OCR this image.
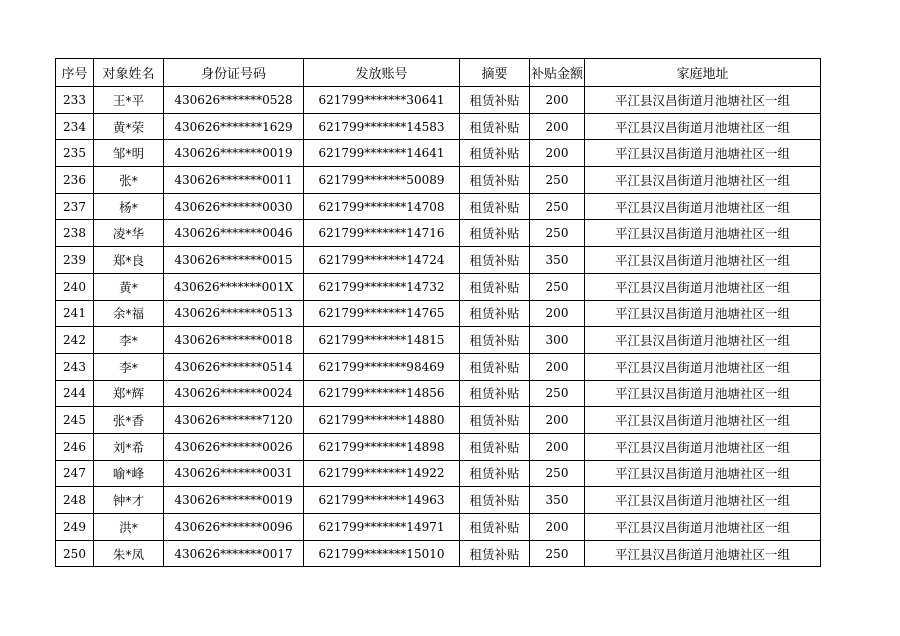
序号	对象姓名	身份证号码	发放账号	摘要	补贴金额	家庭地址
233	王*平	430626*******0528	621799*******30641	租赁补贴	200	平江县汉昌街道月池塘社区一组
234	黄*荣	430626*******1629	621799*******14583	租赁补贴	200	平江县汉昌街道月池塘社区一组
235	邹*明	430626*******0019	621799*******14641	租赁补贴	200	平江县汉昌街道月池塘社区一组
236	张*	430626*******0011	621799*******50089	租赁补贴	250	平江县汉昌街道月池塘社区一组
237	杨*	430626*******0030	621799*******14708	租赁补贴	250	平江县汉昌街道月池塘社区一组
238	凌*华	430626*******0046	621799*******14716	租赁补贴	250	平江县汉昌街道月池塘社区一组
239	郑*良	430626*******0015	621799*******14724	租赁补贴	350	平江县汉昌街道月池塘社区一组
240	黄*	430626*******001X	621799*******14732	租赁补贴	250	平江县汉昌街道月池塘社区一组
241	余*福	430626*******0513	621799*******14765	租赁补贴	200	平江县汉昌街道月池塘社区一组
242	李*	430626*******0018	621799*******14815	租赁补贴	300	平江县汉昌街道月池塘社区一组
243	李*	430626*******0514	621799*******98469	租赁补贴	200	平江县汉昌街道月池塘社区一组
244	郑*辉	430626*******0024	621799*******14856	租赁补贴	250	平江县汉昌街道月池塘社区一组
245	张*香	430626*******7120	621799*******14880	租赁补贴	200	平江县汉昌街道月池塘社区一组
246	刘*希	430626*******0026	621799*******14898	租赁补贴	200	平江县汉昌街道月池塘社区一组
247	喻*峰	430626*******0031	621799*******14922	租赁补贴	250	平江县汉昌街道月池塘社区一组
248	钟*才	430626*******0019	621799*******14963	租赁补贴	350	平江县汉昌街道月池塘社区一组
249	洪*	430626*******0096	621799*******14971	租赁补贴	200	平江县汉昌街道月池塘社区一组
250	朱*凤	430626*******0017	621799*******15010	租赁补贴	250	平江县汉昌街道月池塘社区一组
